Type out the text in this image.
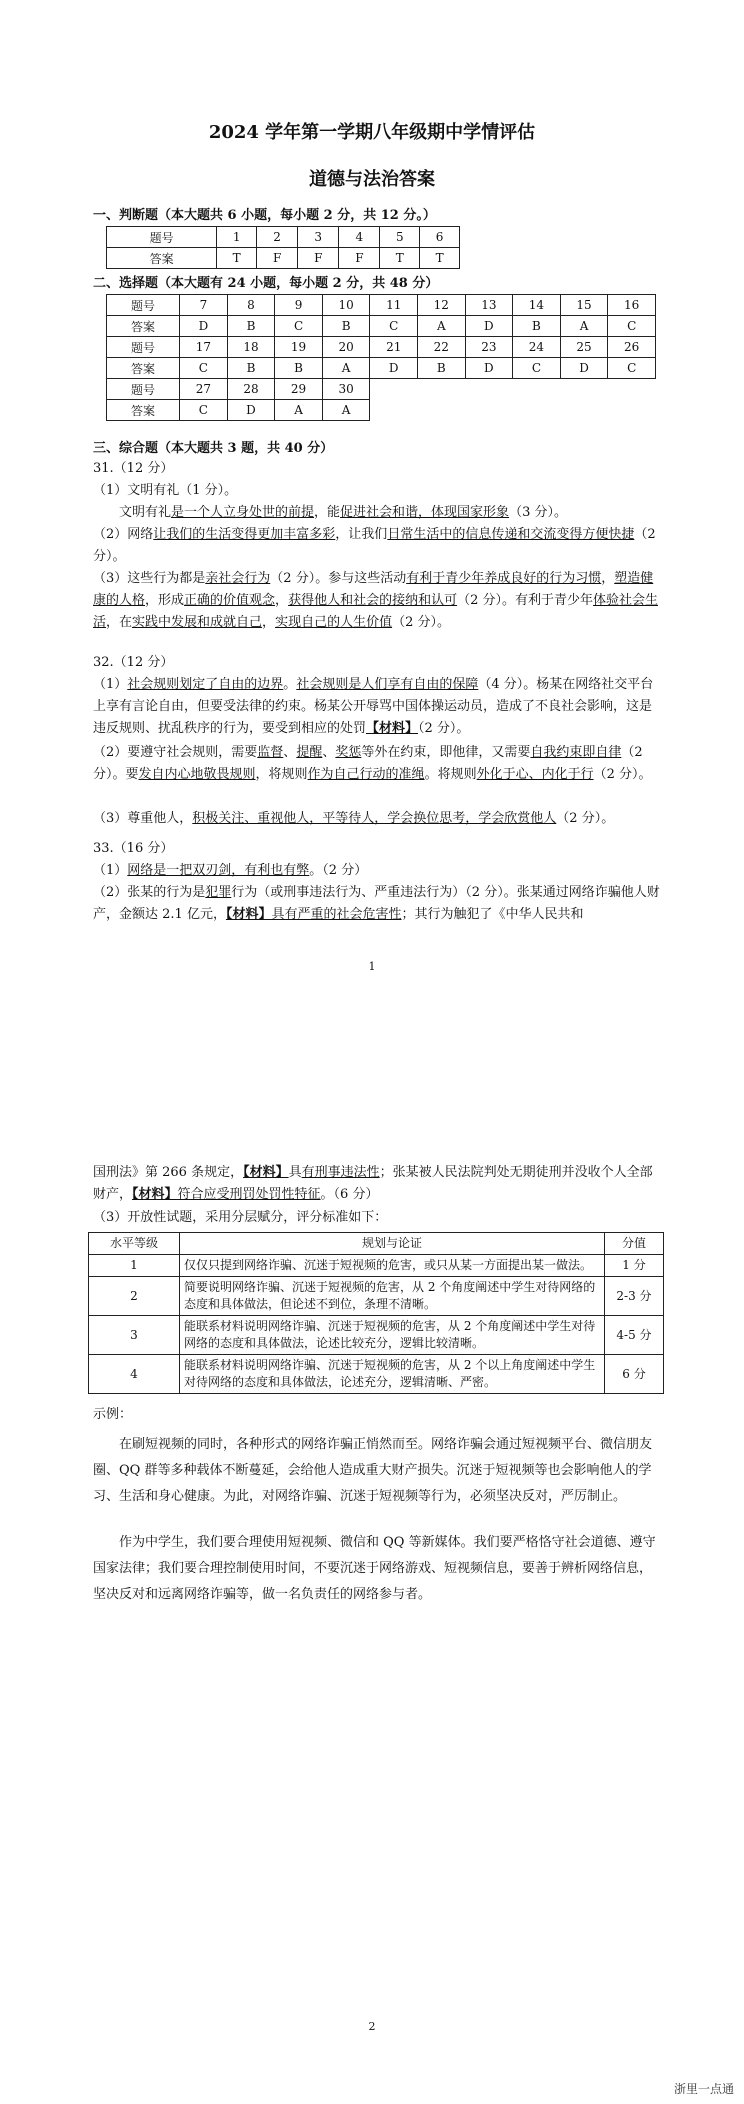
2024 学年第一学期八年级期中学情评估
道德与法治答案
一、判断题（本大题共 6 小题，每小题 2 分，共 12 分。）
题号	1	2	3	4	5	6
答案	T	F	F	F	T	T
二、选择题（本大题有 24 小题，每小题 2 分，共 48 分）
题号	7	8	9	10	11	12	13	14	15	16
答案	D	B	C	B	C	A	D	B	A	C
题号	17	18	19	20	21	22	23	24	25	26
答案	C	B	B	A	D	B	D	C	D	C
题号	27	28	29	30						
答案	C	D	A	A						
三、综合题（本大题共 3 题，共 40 分）
31.（12 分）
（1）文明有礼（1 分）。
文明有礼是一个人立身处世的前提，能促进社会和谐，体现国家形象（3 分）。
（2）网络让我们的生活变得更加丰富多彩，让我们日常生活中的信息传递和交流变得方便快捷（2 分）。
（3）这些行为都是亲社会行为（2 分）。参与这些活动有利于青少年养成良好的行为习惯，塑造健康的人格，形成正确的价值观念，获得他人和社会的接纳和认可（2 分）。有利于青少年体验社会生活，在实践中发展和成就自己，实现自己的人生价值（2 分）。
32.（12 分）
（1）社会规则划定了自由的边界。社会规则是人们享有自由的保障（4 分）。杨某在网络社交平台上享有言论自由，但要受法律的约束。杨某公开辱骂中国体操运动员，造成了不良社会影响，这是违反规则、扰乱秩序的行为，要受到相应的处罚【材料】（2 分）。
（2）要遵守社会规则，需要监督、提醒、奖惩等外在约束，即他律，又需要自我约束即自律（2 分）。要发自内心地敬畏规则，将规则作为自己行动的准绳。将规则外化于心、内化于行（2 分）。
（3）尊重他人，积极关注、重视他人，平等待人，学会换位思考，学会欣赏他人（2 分）。
33.（16 分）
（1）网络是一把双刃剑，有利也有弊。（2 分）
（2）张某的行为是犯罪行为（或刑事违法行为、严重违法行为）（2 分）。张某通过网络诈骗他人财产，金额达 2.1 亿元，【材料】具有严重的社会危害性；其行为触犯了《中华人民共和
1
国刑法》第 266 条规定，【材料】具有刑事违法性；张某被人民法院判处无期徒刑并没收个人全部财产，【材料】符合应受刑罚处罚性特征。（6 分）
（3）开放性试题，采用分层赋分，评分标准如下：
水平等级	规划与论证	分值
1	仅仅只提到网络诈骗、沉迷于短视频的危害，或只从某一方面提出某一做法。	1 分
2	简要说明网络诈骗、沉迷于短视频的危害，从 2 个角度阐述中学生对待网络的态度和具体做法，但论述不到位，条理不清晰。	2-3 分
3	能联系材料说明网络诈骗、沉迷于短视频的危害，从 2 个角度阐述中学生对待网络的态度和具体做法，论述比较充分，逻辑比较清晰。	4-5 分
4	能联系材料说明网络诈骗、沉迷于短视频的危害，从 2 个以上角度阐述中学生对待网络的态度和具体做法，论述充分，逻辑清晰、严密。	6 分
示例：
在刷短视频的同时，各种形式的网络诈骗正悄然而至。网络诈骗会通过短视频平台、微信朋友圈、QQ 群等多种载体不断蔓延，会给他人造成重大财产损失。沉迷于短视频等也会影响他人的学习、生活和身心健康。为此，对网络诈骗、沉迷于短视频等行为，必须坚决反对，严厉制止。
作为中学生，我们要合理使用短视频、微信和 QQ 等新媒体。我们要严格恪守社会道德、遵守国家法律；我们要合理控制使用时间，不要沉迷于网络游戏、短视频信息，要善于辨析网络信息，坚决反对和远离网络诈骗等，做一名负责任的网络参与者。
2
浙里一点通
